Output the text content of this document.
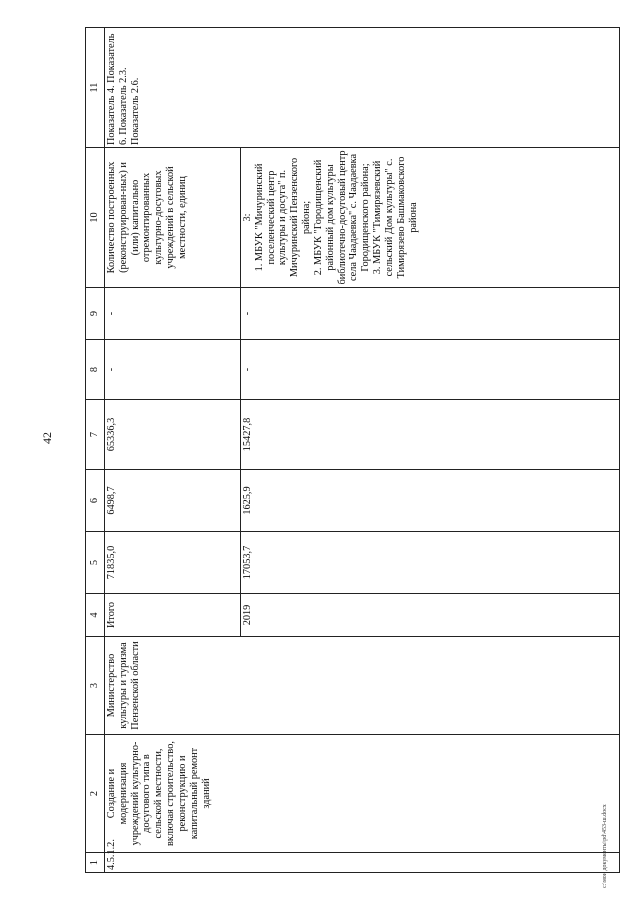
42
c:\мои документы\pd\453-ш.docx
1	2	3	4	5	6	7	8	9	10	11
4.5.1.2.	Создание и модернизация учреждений культурно-досугового типа в сельской местности, включая строительство, реконструкцию и капитальный ремонт зданий	Министерство культуры и туризма Пензенской области	Итого	71835,0	6498,7	65336,3	-	-	Количество построенных (реконструирован-ных) и (или) капитально отремонтированных культурно-досуговых учреждений в сельской местности, единиц	Показатель 4. Показатель 6. Показатель 2.3. Показатель 2.6.
			2019	17053,7	1625,9	15427,8	-	-	3:
1. МБУК "Мичуринский поселенческий центр культуры и досуга" п. Мичуринский Пензенского района;
2. МБУК "Городищенский районный дом культуры библиотечно-досуговый центр села Чаадаевка" с. Чаадаевка Городищенского района;
3. МБУК "Тимирязевский сельский Дом культуры" с. Тимирязево Башмаковского района	
